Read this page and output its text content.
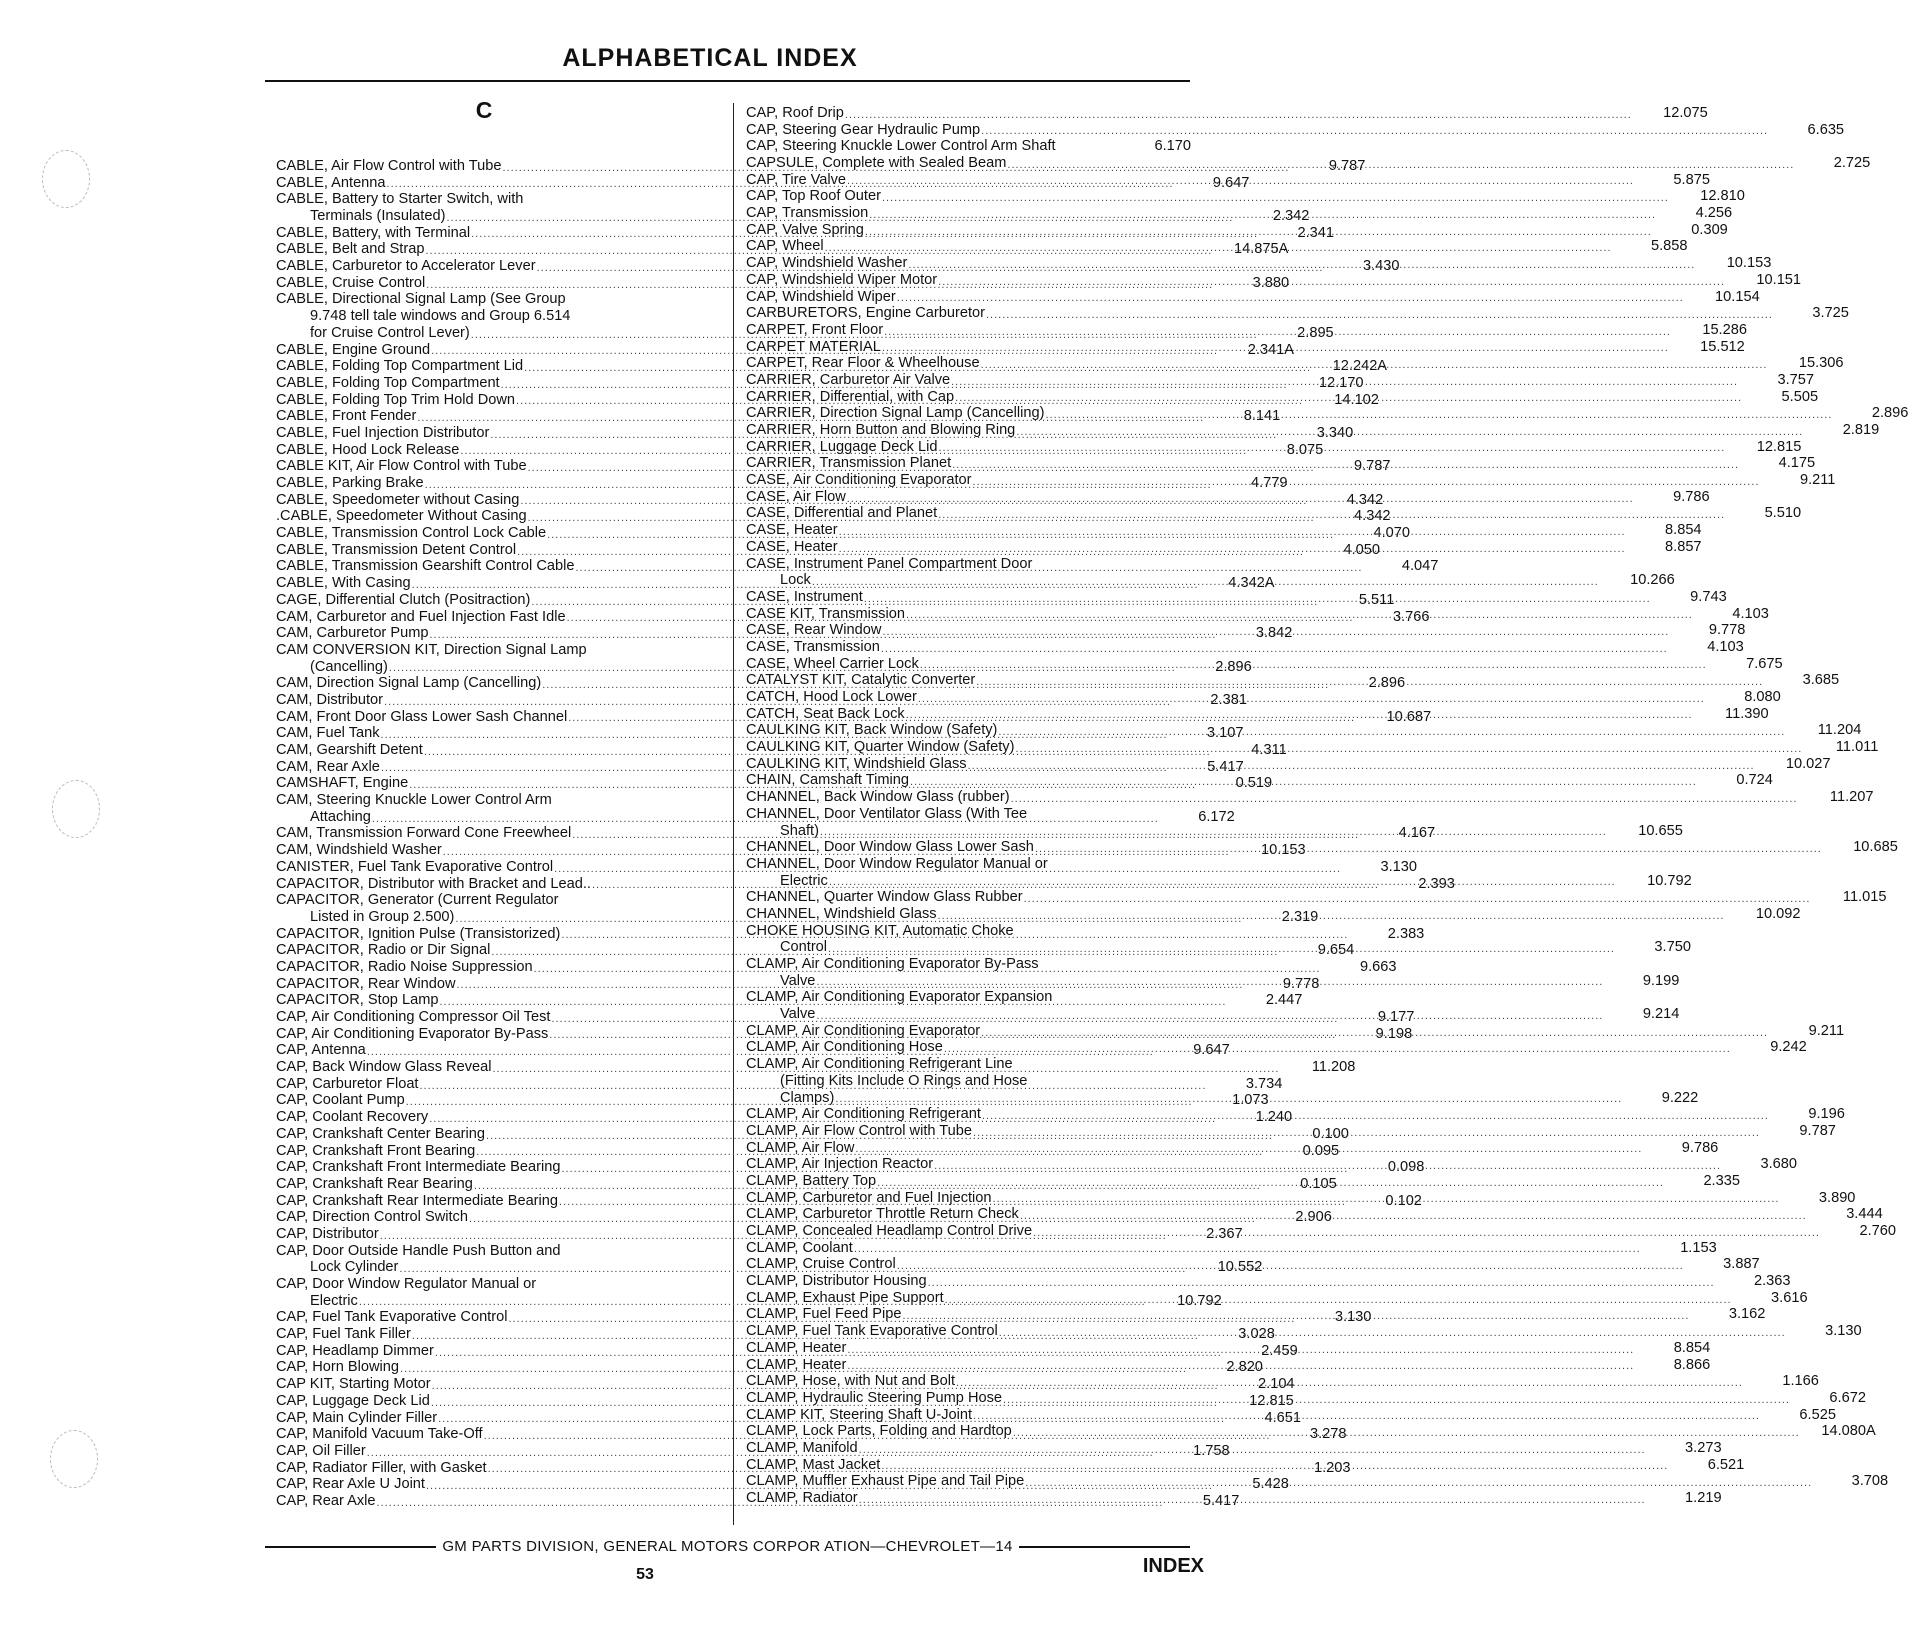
ALPHABETICAL INDEX
C
CABLE, Air Flow Control with Tube .....	9.787
CABLE, Antenna .....	9.647
CABLE, Battery to Starter Switch, with
Terminals (Insulated) .....	2.342
CABLE, Battery, with Terminal .....	2.341
CABLE, Belt and Strap .....	14.875A
CABLE, Carburetor to Accelerator Lever .....	3.430
CABLE, Cruise Control .....	3.880
CABLE, Directional Signal Lamp (See Group
9.748 tell tale windows and Group 6.514
for Cruise Control Lever) .....	2.895
CABLE, Engine Ground .....	2.341A
CABLE, Folding Top Compartment Lid .....	12.242A
CABLE, Folding Top Compartment .....	12.170
CABLE, Folding Top Trim Hold Down .....	14.102
CABLE, Front Fender .....	8.141
CABLE, Fuel Injection Distributor .....	3.340
CABLE, Hood Lock Release .....	8.075
CABLE KIT, Air Flow Control with Tube .....	9.787
CABLE, Parking Brake .....	4.779
CABLE, Speedometer without Casing .....	4.342
.CABLE, Speedometer Without Casing .....	4.342
CABLE, Transmission Control Lock Cable .....	4.070
CABLE, Transmission Detent Control .....	4.050
CABLE, Transmission Gearshift Control Cable .....	4.047
CABLE, With Casing .....	4.342A
CAGE, Differential Clutch (Positraction) .....	5.511
CAM, Carburetor and Fuel Injection Fast Idle .....	3.766
CAM, Carburetor Pump .....	3.842
CAM CONVERSION KIT, Direction Signal Lamp
(Cancelling) .....	2.896
CAM, Direction Signal Lamp (Cancelling) .....	2.896
CAM, Distributor .....	2.381
CAM, Front Door Glass Lower Sash Channel .....	10.687
CAM, Fuel Tank .....	3.107
CAM, Gearshift Detent .....	4.311
CAM, Rear Axle .....	5.417
CAMSHAFT, Engine .....	0.519
CAM, Steering Knuckle Lower Control Arm
Attaching .....	6.172
CAM, Transmission Forward Cone Freewheel .....	4.167
CAM, Windshield Washer .....	10.153
CANISTER, Fuel Tank Evaporative Control .....	3.130
CAPACITOR, Distributor with Bracket and Lead.. .....	2.393
CAPACITOR, Generator (Current Regulator
Listed in Group 2.500) .....	2.319
CAPACITOR, Ignition Pulse (Transistorized) .....	2.383
CAPACITOR, Radio or Dir Signal .....	9.654
CAPACITOR, Radio Noise Suppression .....	9.663
CAPACITOR, Rear Window .....	9.778
CAPACITOR, Stop Lamp .....	2.447
CAP, Air Conditioning Compressor Oil Test .....	9.177
CAP, Air Conditioning Evaporator By-Pass .....	9.198
CAP, Antenna .....	9.647
CAP, Back Window Glass Reveal .....	11.208
CAP, Carburetor Float .....	3.734
CAP, Coolant Pump .....	1.073
CAP, Coolant Recovery .....	1.240
CAP, Crankshaft Center Bearing .....	0.100
CAP, Crankshaft Front Bearing .....	0.095
CAP, Crankshaft Front Intermediate Bearing .....	0.098
CAP, Crankshaft Rear Bearing .....	0.105
CAP, Crankshaft Rear Intermediate Bearing .....	0.102
CAP, Direction Control Switch .....	2.906
CAP, Distributor .....	2.367
CAP, Door Outside Handle Push Button and
Lock Cylinder .....	10.552
CAP, Door Window Regulator Manual or
Electric .....	10.792
CAP, Fuel Tank Evaporative Control .....	3.130
CAP, Fuel Tank Filler .....	3.028
CAP, Headlamp Dimmer .....	2.459
CAP, Horn Blowing .....	2.820
CAP KIT, Starting Motor .....	2.104
CAP, Luggage Deck Lid .....	12.815
CAP, Main Cylinder Filler .....	4.651
CAP, Manifold Vacuum Take-Off .....	3.278
CAP, Oil Filler .....	1.758
CAP, Radiator Filler, with Gasket .....	1.203
CAP, Rear Axle U Joint .....	5.428
CAP, Rear Axle .....	5.417
CAP, Roof Drip .....	12.075
CAP, Steering Gear Hydraulic Pump .....	6.635
CAP, Steering Knuckle Lower Control Arm Shaft	6.170
CAPSULE, Complete with Sealed Beam .....	2.725
CAP, Tire Valve .....	5.875
CAP, Top Roof Outer .....	12.810
CAP, Transmission .....	4.256
CAP, Valve Spring .....	0.309
CAP, Wheel .....	5.858
CAP, Windshield Washer .....	10.153
CAP, Windshield Wiper Motor .....	10.151
CAP, Windshield Wiper .....	10.154
CARBURETORS, Engine Carburetor .....	3.725
CARPET, Front Floor .....	15.286
CARPET MATERIAL .....	15.512
CARPET, Rear Floor & Wheelhouse .....	15.306
CARRIER, Carburetor Air Valve .....	3.757
CARRIER, Differential, with Cap .....	5.505
CARRIER, Direction Signal Lamp (Cancelling) .....	2.896
CARRIER, Horn Button and Blowing Ring .....	2.819
CARRIER, Luggage Deck Lid .....	12.815
CARRIER, Transmission Planet .....	4.175
CASE, Air Conditioning Evaporator .....	9.211
CASE, Air Flow .....	9.786
CASE, Differential and Planet .....	5.510
CASE, Heater .....	8.854
CASE, Heater .....	8.857
CASE, Instrument Panel Compartment Door
Lock .....	10.266
CASE, Instrument .....	9.743
CASE KIT, Transmission .....	4.103
CASE, Rear Window .....	9.778
CASE, Transmission .....	4.103
CASE, Wheel Carrier Lock .....	7.675
CATALYST KIT, Catalytic Converter .....	3.685
CATCH, Hood Lock Lower .....	8.080
CATCH, Seat Back Lock .....	11.390
CAULKING KIT, Back Window (Safety) .....	11.204
CAULKING KIT, Quarter Window (Safety) .....	11.011
CAULKING KIT, Windshield Glass .....	10.027
CHAIN, Camshaft Timing .....	0.724
CHANNEL, Back Window Glass (rubber) .....	11.207
CHANNEL, Door Ventilator Glass (With Tee
Shaft) .....	10.655
CHANNEL, Door Window Glass Lower Sash .....	10.685
CHANNEL, Door Window Regulator Manual or
Electric .....	10.792
CHANNEL, Quarter Window Glass Rubber .....	11.015
CHANNEL, Windshield Glass .....	10.092
CHOKE HOUSING KIT, Automatic Choke
Control .....	3.750
CLAMP, Air Conditioning Evaporator By-Pass
Valve .....	9.199
CLAMP, Air Conditioning Evaporator Expansion
Valve .....	9.214
CLAMP, Air Conditioning Evaporator .....	9.211
CLAMP, Air Conditioning Hose .....	9.242
CLAMP, Air Conditioning Refrigerant Line
(Fitting Kits Include O Rings and Hose
Clamps) .....	9.222
CLAMP, Air Conditioning Refrigerant .....	9.196
CLAMP, Air Flow Control with Tube .....	9.787
CLAMP, Air Flow .....	9.786
CLAMP, Air Injection Reactor .....	3.680
CLAMP, Battery Top .....	2.335
CLAMP, Carburetor and Fuel Injection .....	3.890
CLAMP, Carburetor Throttle Return Check .....	3.444
CLAMP, Concealed Headlamp Control Drive .....	2.760
CLAMP, Coolant .....	1.153
CLAMP, Cruise Control .....	3.887
CLAMP, Distributor Housing .....	2.363
CLAMP, Exhaust Pipe Support .....	3.616
CLAMP, Fuel Feed Pipe .....	3.162
CLAMP, Fuel Tank Evaporative Control .....	3.130
CLAMP, Heater .....	8.854
CLAMP, Heater .....	8.866
CLAMP, Hose, with Nut and Bolt .....	1.166
CLAMP, Hydraulic Steering Pump Hose .....	6.672
CLAMP KIT, Steering Shaft U-Joint .....	6.525
CLAMP, Lock Parts, Folding and Hardtop .....	14.080A
CLAMP, Manifold .....	3.273
CLAMP, Mast Jacket .....	6.521
CLAMP, Muffler Exhaust Pipe and Tail Pipe .....	3.708
CLAMP, Radiator .....	1.219
GM PARTS DIVISION, GENERAL MOTORS CORPOR ATION—CHEVROLET—14
53	INDEX
